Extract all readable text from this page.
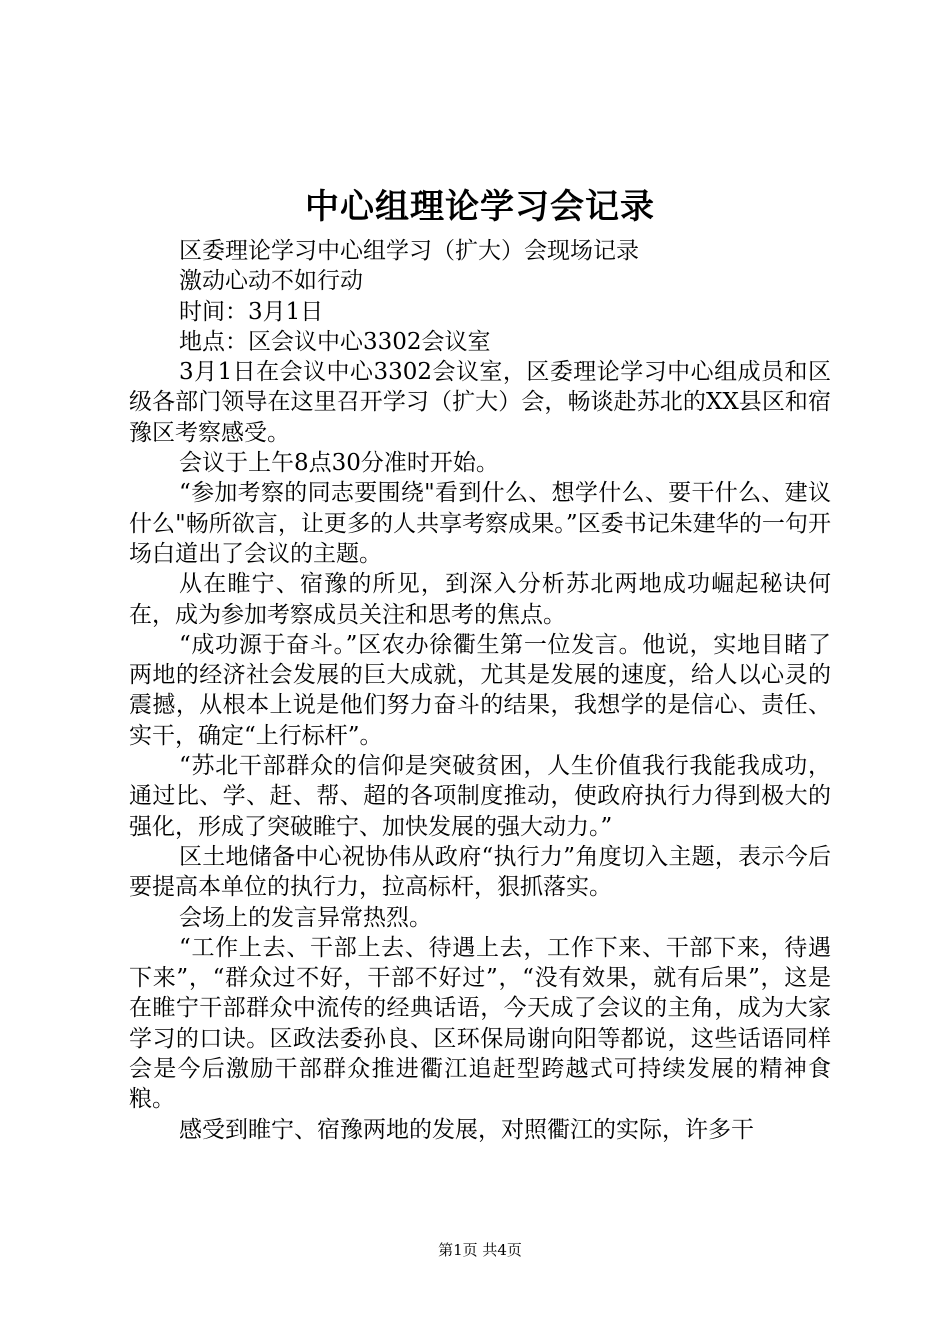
中心组理论学习会记录

区委理论学习中心组学习（扩大）会现场记录

激动心动不如行动

时间：3月1日

地点：区会议中心3302会议室

3月1日在会议中心3302会议室，区委理论学习中心组成员和区级各部门领导在这里召开学习（扩大）会，畅谈赴苏北的XX县区和宿豫区考察感受。

会议于上午8点30分准时开始。

“参加考察的同志要围绕"看到什么、想学什么、要干什么、建议什么"畅所欲言，让更多的人共享考察成果。”区委书记朱建华的一句开场白道出了会议的主题。

从在睢宁、宿豫的所见，到深入分析苏北两地成功崛起秘诀何在，成为参加考察成员关注和思考的焦点。

“成功源于奋斗。”区农办徐衢生第一位发言。他说，实地目睹了两地的经济社会发展的巨大成就，尤其是发展的速度，给人以心灵的震撼，从根本上说是他们努力奋斗的结果，我想学的是信心、责任、实干，确定“上行标杆”。

“苏北干部群众的信仰是突破贫困，人生价值我行我能我成功，通过比、学、赶、帮、超的各项制度推动，使政府执行力得到极大的强化，形成了突破睢宁、加快发展的强大动力。”

区土地储备中心祝协伟从政府“执行力”角度切入主题，表示今后要提高本单位的执行力，拉高标杆，狠抓落实。

会场上的发言异常热烈。

“工作上去、干部上去、待遇上去，工作下来、干部下来，待遇下来”，“群众过不好，干部不好过”，“没有效果，就有后果”，这是在睢宁干部群众中流传的经典话语，今天成了会议的主角，成为大家学习的口诀。区政法委孙良、区环保局谢向阳等都说，这些话语同样会是今后激励干部群众推进衢江追赶型跨越式可持续发展的精神食粮。

感受到睢宁、宿豫两地的发展，对照衢江的实际，许多干

第1页 共4页
